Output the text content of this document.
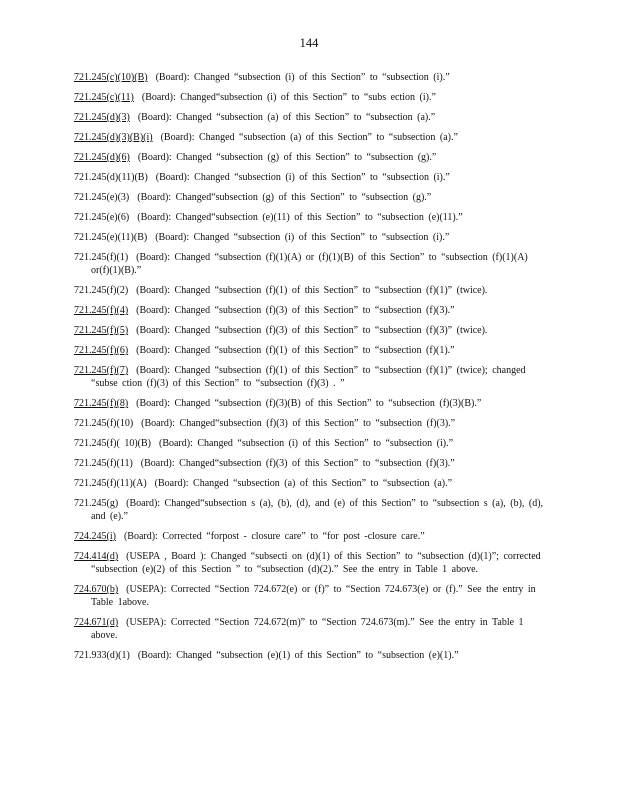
144
721.245(c)(10)(B) (Board): Changed “subsection (i) of this Section” to “subsection (i).”
721.245(c)(11) (Board): Changed“subsection (i) of this Section” to “subs ection (i).”
721.245(d)(3) (Board): Changed “subsection (a) of this Section” to “subsection (a).”
721.245(d)(3)(B)(i) (Board): Changed “subsection (a) of this Section” to “subsection (a).”
721.245(d)(6) (Board): Changed “subsection (g) of this Section” to “subsection (g).”
721.245(d)(11)(B) (Board): Changed “subsection (i) of this Section” to “subsection (i).”
721.245(e)(3) (Board): Changed“subsection (g) of this Section” to “subsection (g).”
721.245(e)(6) (Board): Changed“subsection (e)(11) of this Section” to “subsection (e)(11).”
721.245(e)(11)(B) (Board): Changed “subsection (i) of this Section” to “subsection (i).”
721.245(f)(1) (Board): Changed “subsection (f)(1)(A) or (f)(1)(B) of this Section” to “subsection (f)(1)(A) or(f)(1)(B).”
721.245(f)(2) (Board): Changed “subsection (f)(1) of this Section” to “subsection (f)(1)” (twice).
721.245(f)(4) (Board): Changed “subsection (f)(3) of this Section” to “subsection (f)(3).”
721.245(f)(5) (Board): Changed “subsection (f)(3) of this Section” to “subsection (f)(3)” (twice).
721.245(f)(6) (Board): Changed “subsection (f)(1) of this Section” to “subsection (f)(1).”
721.245(f)(7) (Board): Changed “subsection (f)(1) of this Section” to “subsection (f)(1)” (twice); changed “subse ction (f)(3) of this Section” to “subsection (f)(3) . ”
721.245(f)(8) (Board): Changed “subsection (f)(3)(B) of this Section” to “subsection (f)(3)(B).”
721.245(f)(10) (Board): Changed“subsection (f)(3) of this Section” to “subsection (f)(3).”
721.245(f)( 10)(B) (Board): Changed “subsection (i) of this Section” to “subsection (i).”
721.245(f)(11) (Board): Changed“subsection (f)(3) of this Section” to “subsection (f)(3).”
721.245(f)(11)(A) (Board): Changed “subsection (a) of this Section” to “subsection (a).”
721.245(g) (Board): Changed“subsection s (a), (b), (d), and (e) of this Section” to “subsection s (a), (b), (d), and (e).”
724.245(i) (Board): Corrected “forpost - closure care” to “for post -closure care.”
724.414(d) (USEPA , Board ): Changed “subsecti on (d)(1) of this Section” to “subsection (d)(1)”; corrected “subsection (e)(2) of this Section ” to “subsection (d)(2).” See the entry in Table 1 above.
724.670(b) (USEPA): Corrected “Section 724.672(e) or (f)” to “Section 724.673(e) or (f).” See the entry in Table 1above.
724.671(d) (USEPA): Corrected “Section 724.672(m)” to “Section 724.673(m).” See the entry in Table 1 above.
721.933(d)(1) (Board): Changed “subsection (e)(1) of this Section” to “subsection (e)(1).”
